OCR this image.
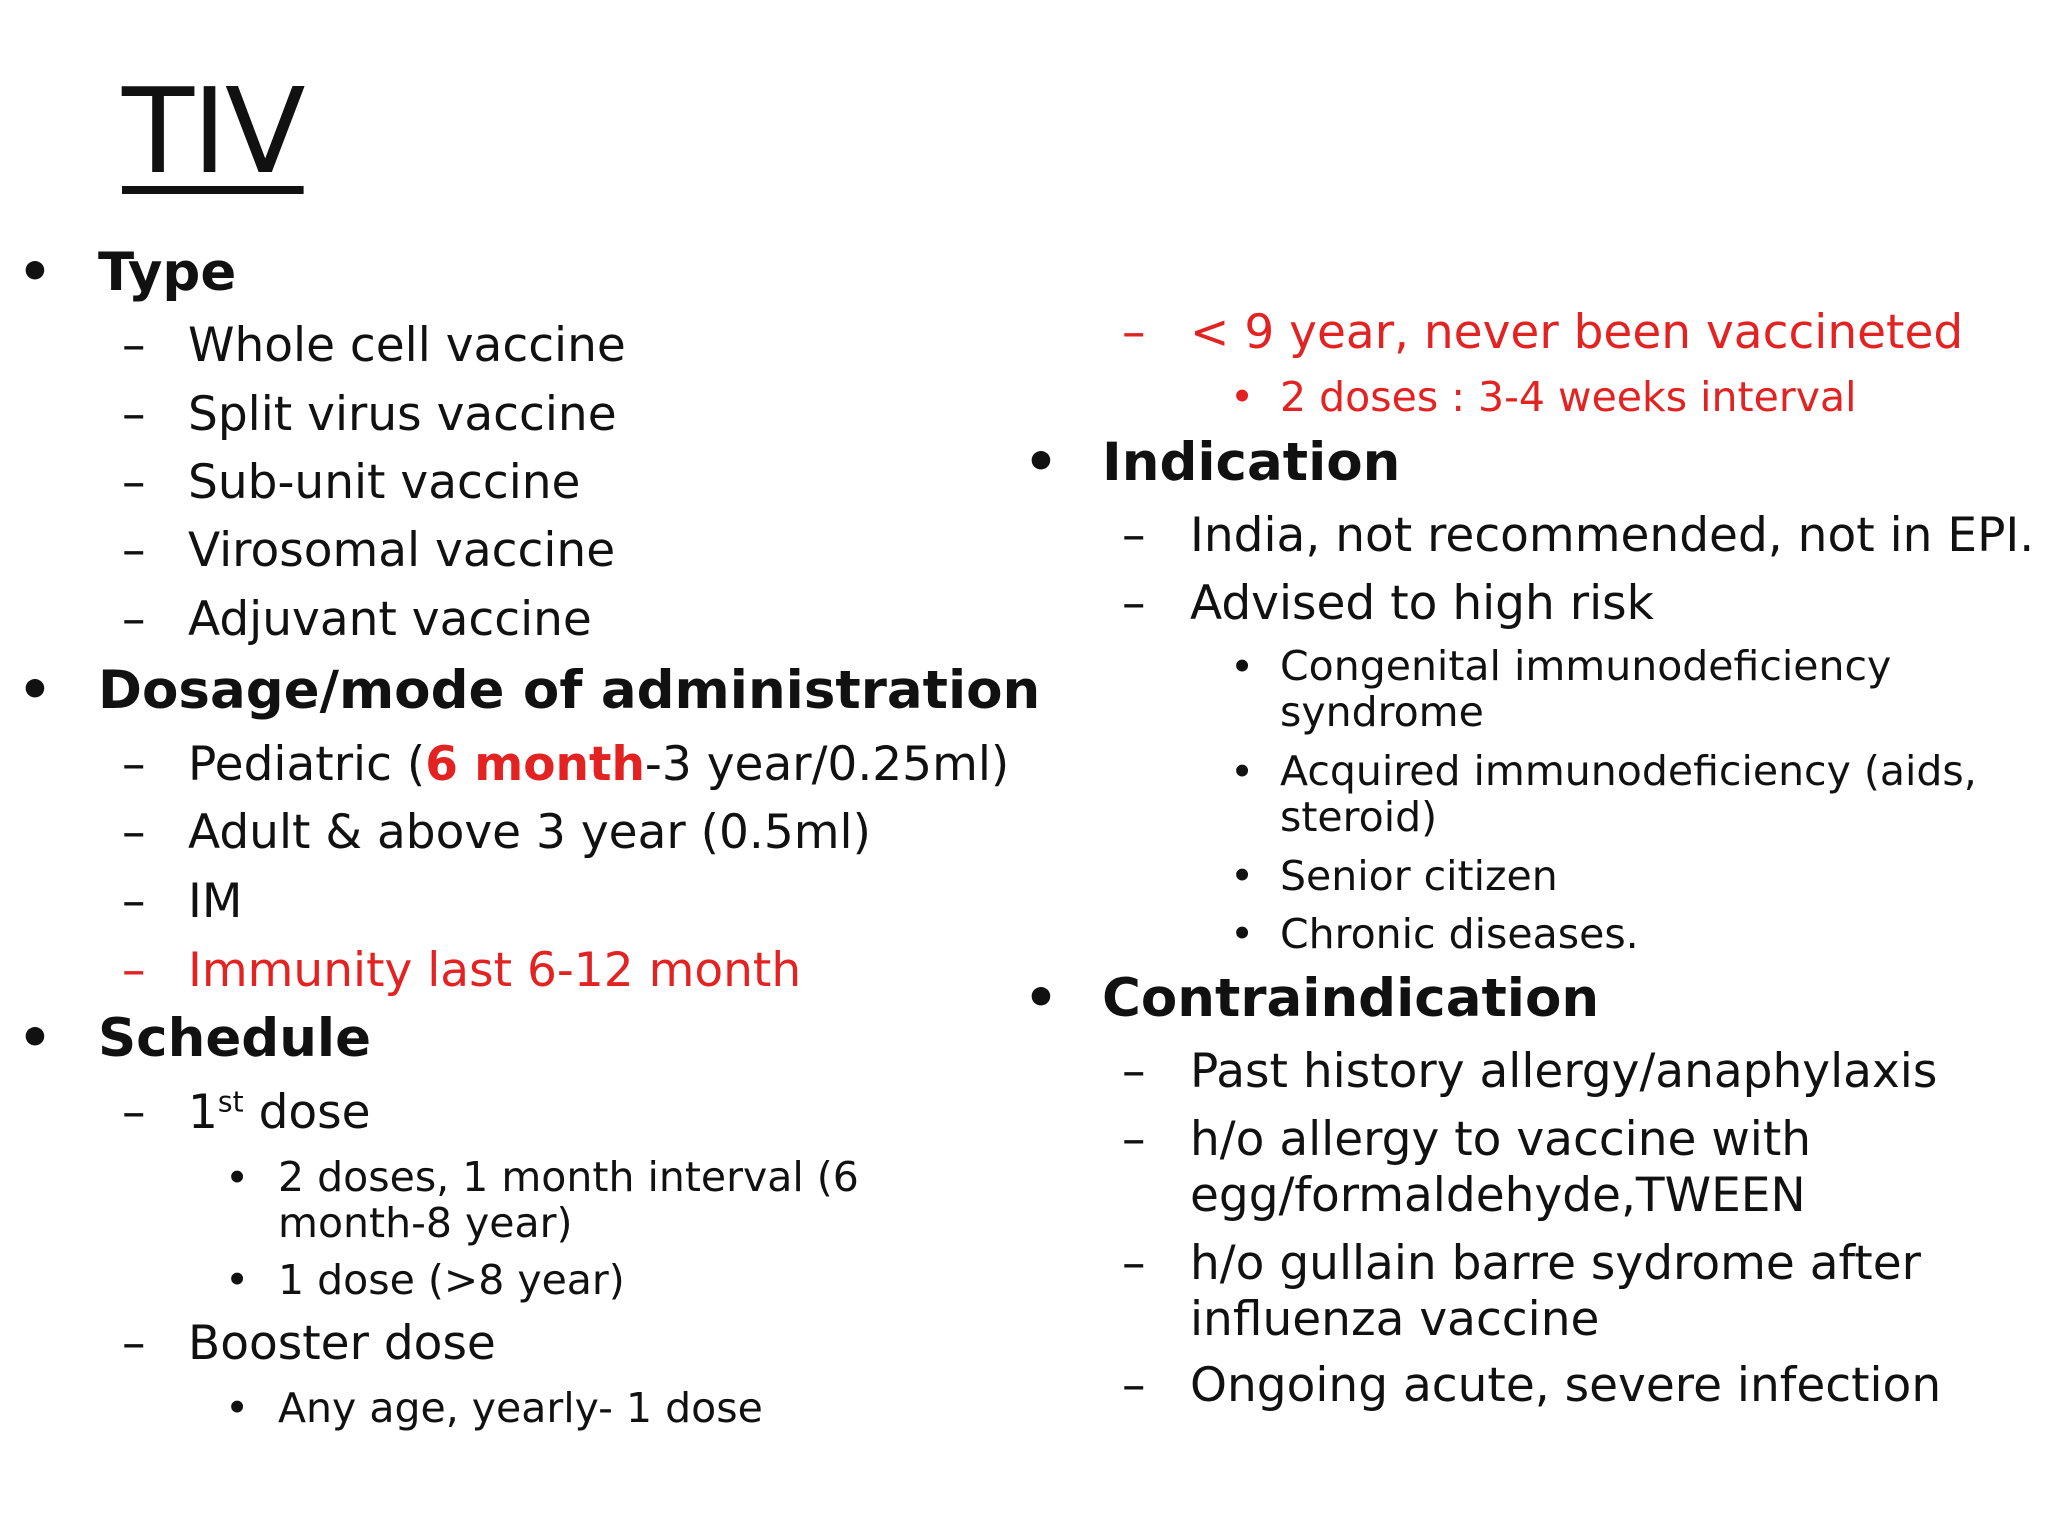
TIV
• Type
– Whole cell vaccine
– Split virus vaccine
– Sub-unit vaccine
– Virosomal vaccine
– Adjuvant vaccine
• Dosage/mode of administration
– Pediatric (6 month-3 year/0.25ml)
– Adult & above 3 year (0.5ml)
– IM
– Immunity last 6-12 month
• Schedule
– 1st dose
• 2 doses, 1 month interval (6 month-8 year)
• 1 dose (>8 year)
– Booster dose
• Any age, yearly- 1 dose
– < 9 year, never been vaccineted
• 2 doses : 3-4 weeks interval
• Indication
– India, not recommended, not in EPI.
– Advised to high risk
• Congenital immunodeficiency syndrome
• Acquired immunodeficiency (aids, steroid)
• Senior citizen
• Chronic diseases.
• Contraindication
– Past history allergy/anaphylaxis
– h/o allergy to vaccine with egg/formaldehyde,TWEEN
– h/o gullain barre sydrome after influenza vaccine
– Ongoing acute, severe infection
